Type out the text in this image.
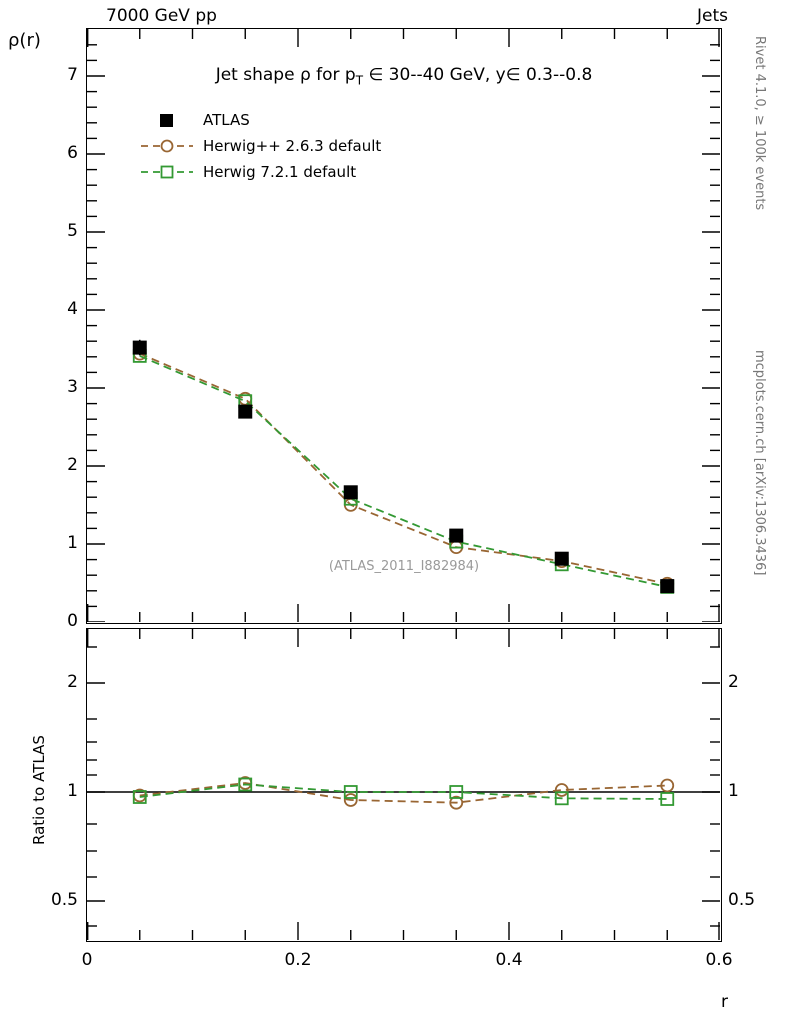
7000 GeV pp	Jets
Rivet 4.1.0, ≥ 100k events
mcplots.cern.ch [arXiv:1306.3436]
ρ(r)
Jet shape ρ for $p_T$ ∈ 30--40 GeV, y∈ 0.3--0.8
ATLAS
Herwig++ 2.6.3 default
Herwig 7.2.1 default
(ATLAS_2011_I882984)
0
1
2
3
4
5
6
7
2
1
0.5
2
1
0.5
Ratio to ATLAS
0	0.2	0.4	0.6
r
